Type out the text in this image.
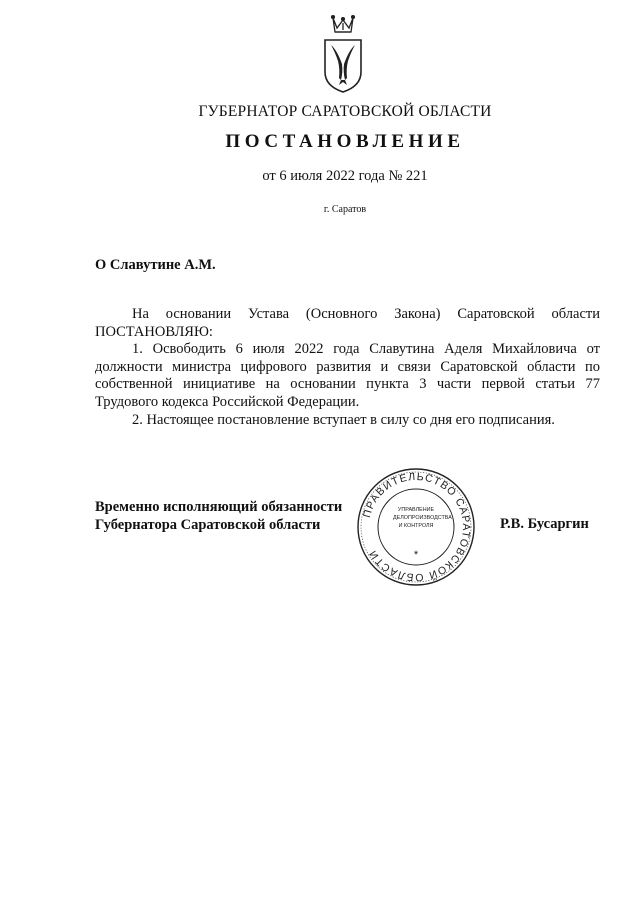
ГУБЕРНАТОР САРАТОВСКОЙ ОБЛАСТИ
ПОСТАНОВЛЕНИЕ
от 6 июля 2022 года № 221
г. Саратов
О Славутине А.М.

На основании Устава (Основного Закона) Саратовской области

ПОСТАНОВЛЯЮ:

1. Освободить 6 июля 2022 года Славутина Аделя Михайловича от должности министра цифрового развития и связи Саратовской области по собственной инициативе на основании пункта 3 части первой статьи 77 Трудового кодекса Российской Федерации.

2. Настоящее постановление вступает в силу со дня его подписания.

Временно исполняющий обязанности
Губернатора Саратовской области	Р.В. Бусаргин
ПРАВИТЕЛЬСТВО САРАТОВСКОЙ ОБЛАСТИ	*
УПРАВЛЕНИЕ
ДЕЛОПРОИЗВОДСТВА
И КОНТРОЛЯ
